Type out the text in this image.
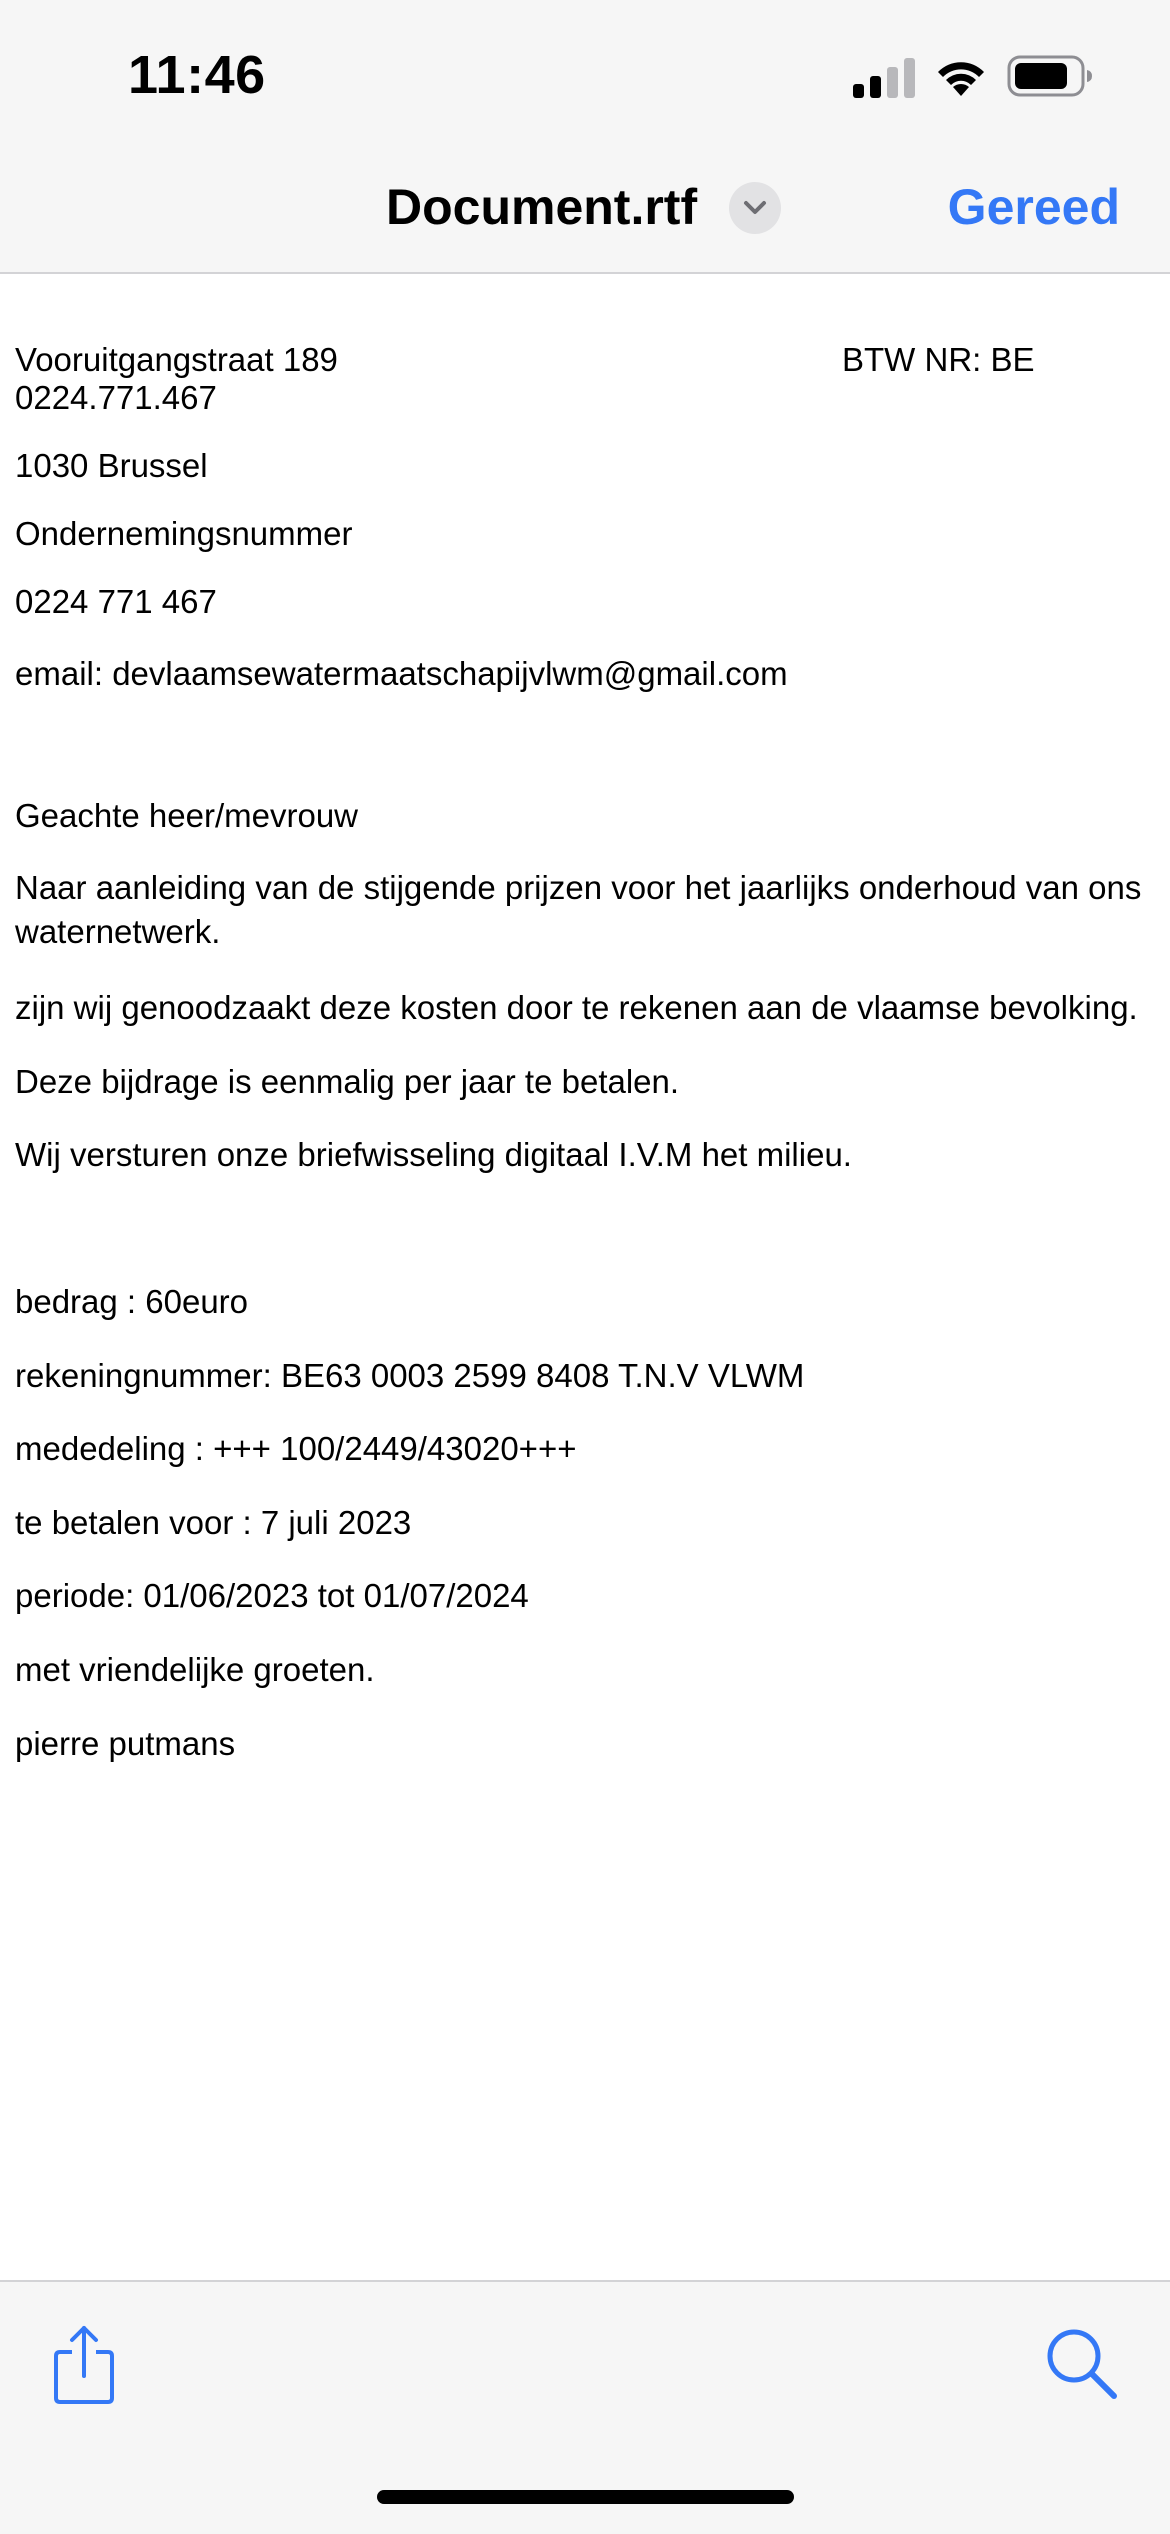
11:46
Document.rtf	Gereed
Vooruitgangstraat 189	BTW NR: BE
0224.771.467
1030 Brussel
Ondernemingsnummer
0224 771 467
email: devlaamsewatermaatschapijvlwm@gmail.com
Geachte heer/mevrouw
Naar aanleiding van de stijgende prijzen voor het jaarlijks onderhoud van ons waternetwerk.
zijn wij genoodzaakt deze kosten door te rekenen aan de vlaamse bevolking.
Deze bijdrage is eenmalig per jaar te betalen.
Wij versturen onze briefwisseling digitaal I.V.M het milieu.
bedrag : 60euro
rekeningnummer: BE63 0003 2599 8408 T.N.V VLWM
mededeling : +++ 100/2449/43020+++
te betalen voor : 7 juli 2023
periode: 01/06/2023 tot 01/07/2024
met vriendelijke groeten.
pierre putmans
